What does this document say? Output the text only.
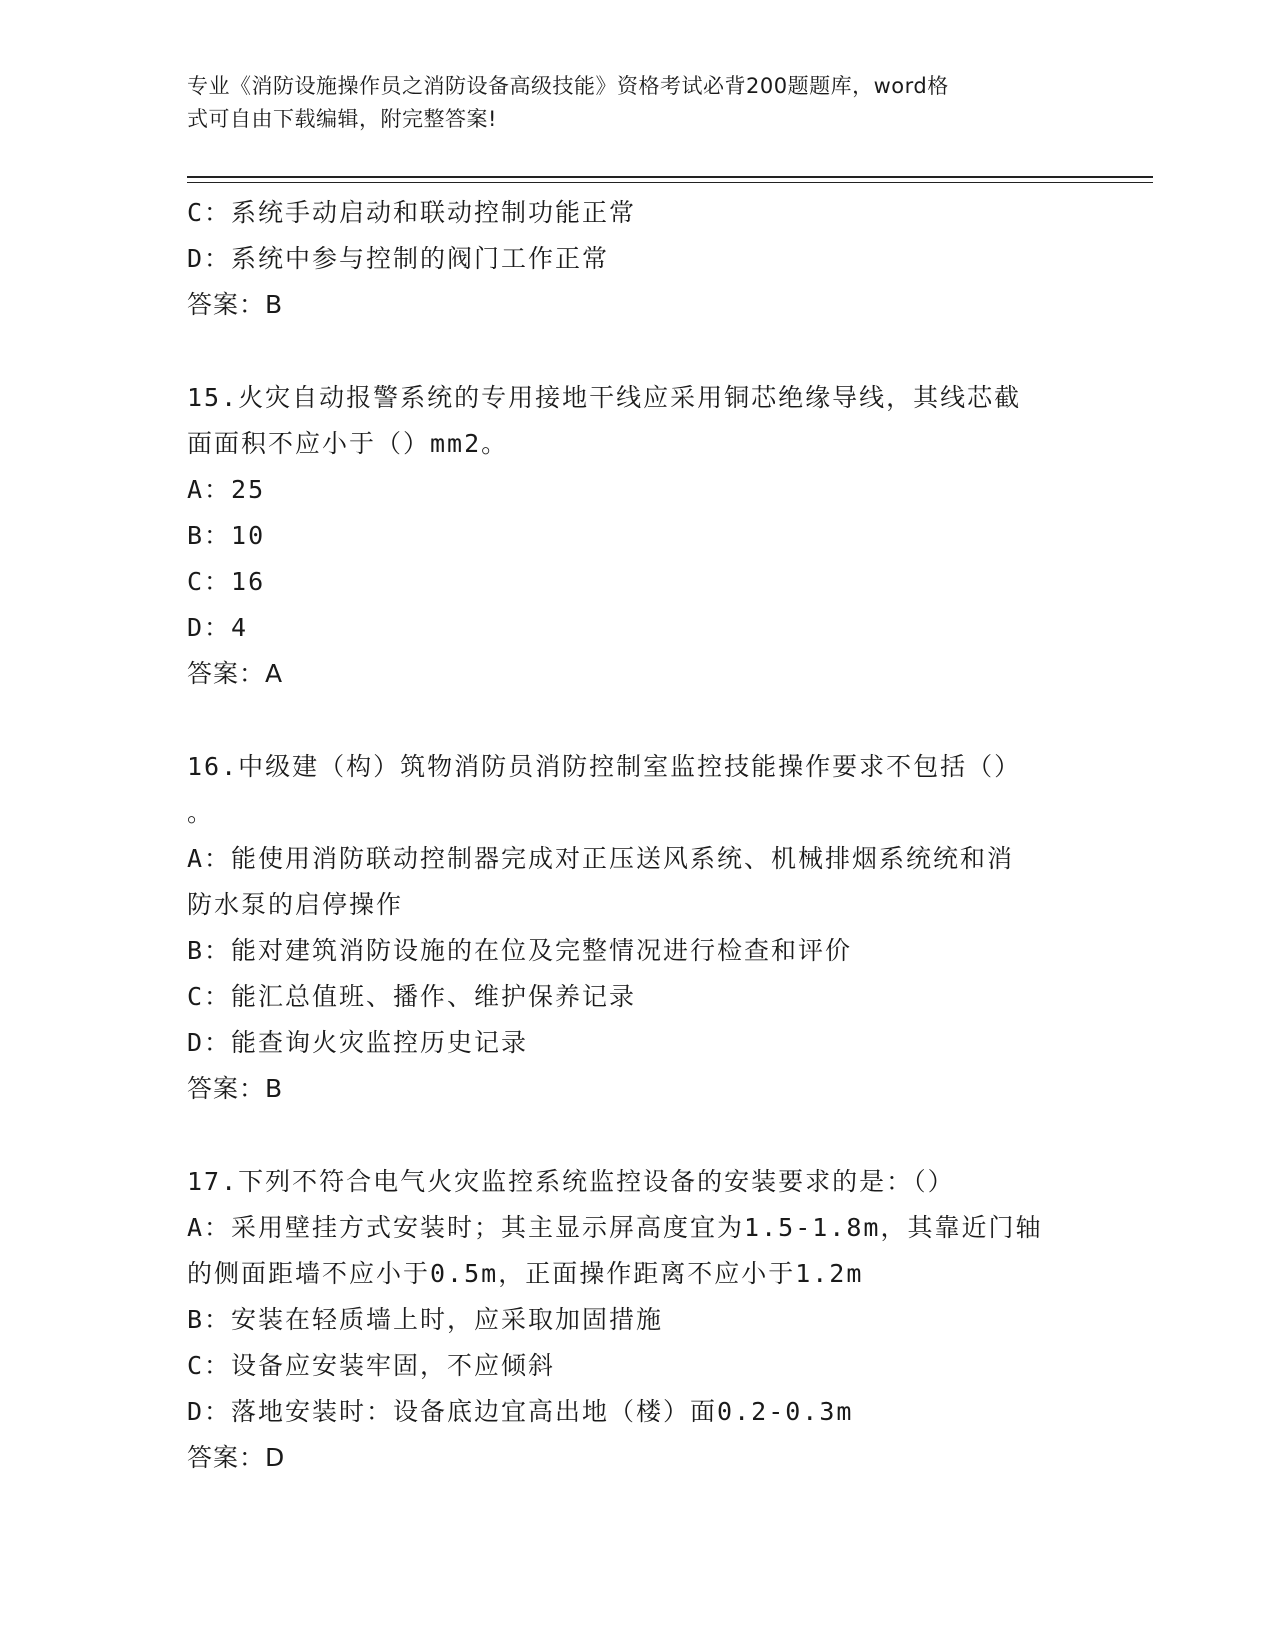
专业《消防设施操作员之消防设备高级技能》资格考试必背200题题库，word格
式可自由下载编辑，附完整答案!
C：系统手动启动和联动控制功能正常
D：系统中参与控制的阀门工作正常
答案：B
15.火灾自动报警系统的专用接地干线应采用铜芯绝缘导线，其线芯截
面面积不应小于（）mm2。
A：25
B：10
C：16
D：4
答案：A
16.中级建（构）筑物消防员消防控制室监控技能操作要求不包括（）
。
A：能使用消防联动控制器完成对正压送风系统、机械排烟系统统和消
防水泵的启停操作
B：能对建筑消防设施的在位及完整情况进行检查和评价
C：能汇总值班、播作、维护保养记录
D：能查询火灾监控历史记录
答案：B
17.下列不符合电气火灾监控系统监控设备的安装要求的是：（）
A：采用壁挂方式安装时；其主显示屏高度宜为1.5-1.8m，其靠近门轴
的侧面距墙不应小于0.5m，正面操作距离不应小于1.2m
B：安装在轻质墙上时，应采取加固措施
C：设备应安装牢固，不应倾斜
D：落地安装时：设备底边宜高出地（楼）面0.2-0.3m
答案：D
